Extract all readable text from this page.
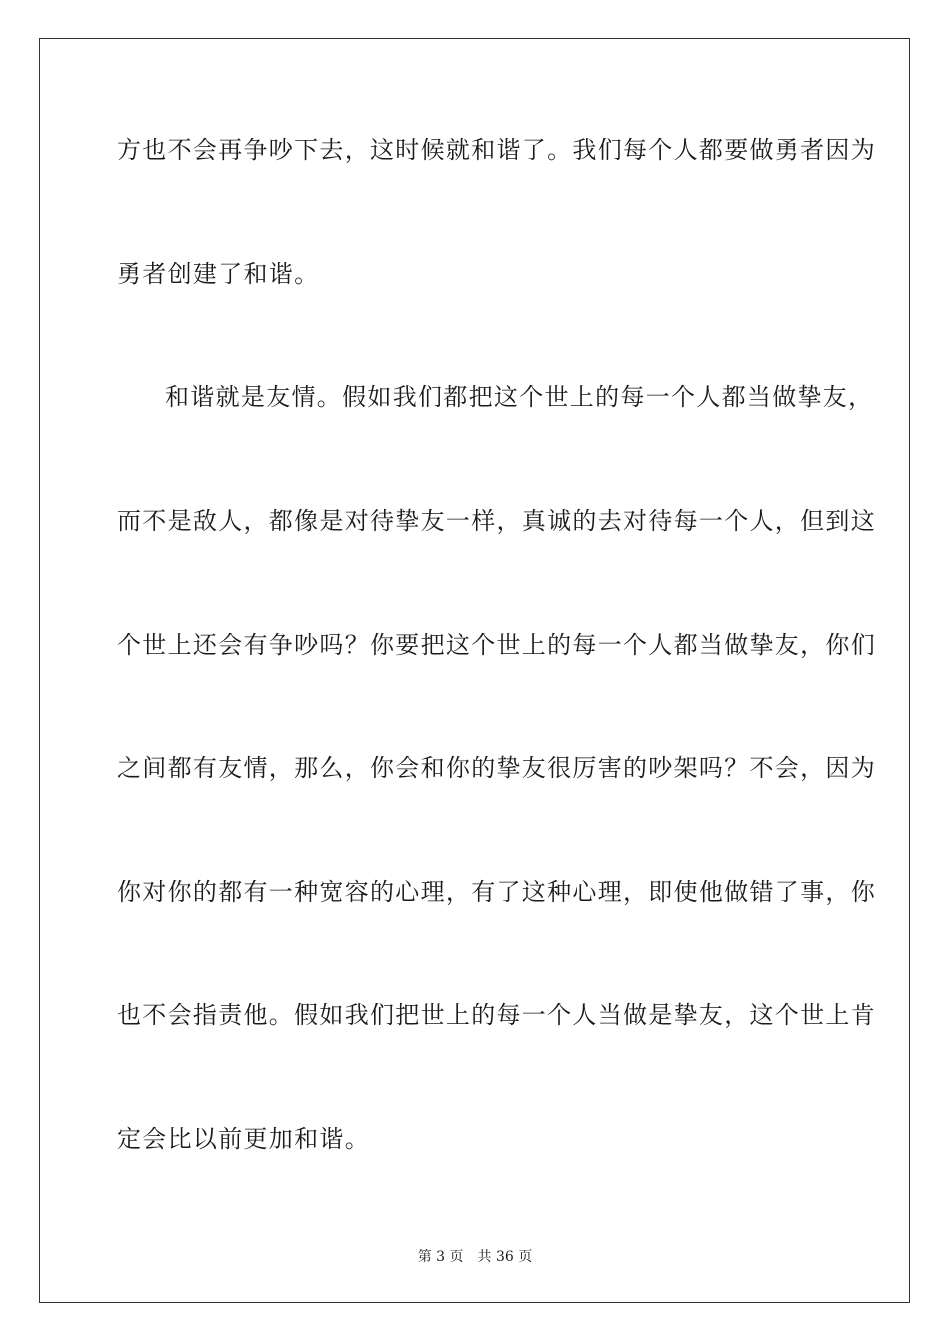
方也不会再争吵下去，这时候就和谐了。我们每个人都要做勇者因为
勇者创建了和谐。
和谐就是友情。假如我们都把这个世上的每一个人都当做挚友，
而不是敌人，都像是对待挚友一样，真诚的去对待每一个人，但到这
个世上还会有争吵吗？你要把这个世上的每一个人都当做挚友，你们
之间都有友情，那么，你会和你的挚友很厉害的吵架吗？不会，因为
你对你的都有一种宽容的心理，有了这种心理，即使他做错了事，你
也不会指责他。假如我们把世上的每一个人当做是挚友，这个世上肯
定会比以前更加和谐。
第 3 页　共 36 页
